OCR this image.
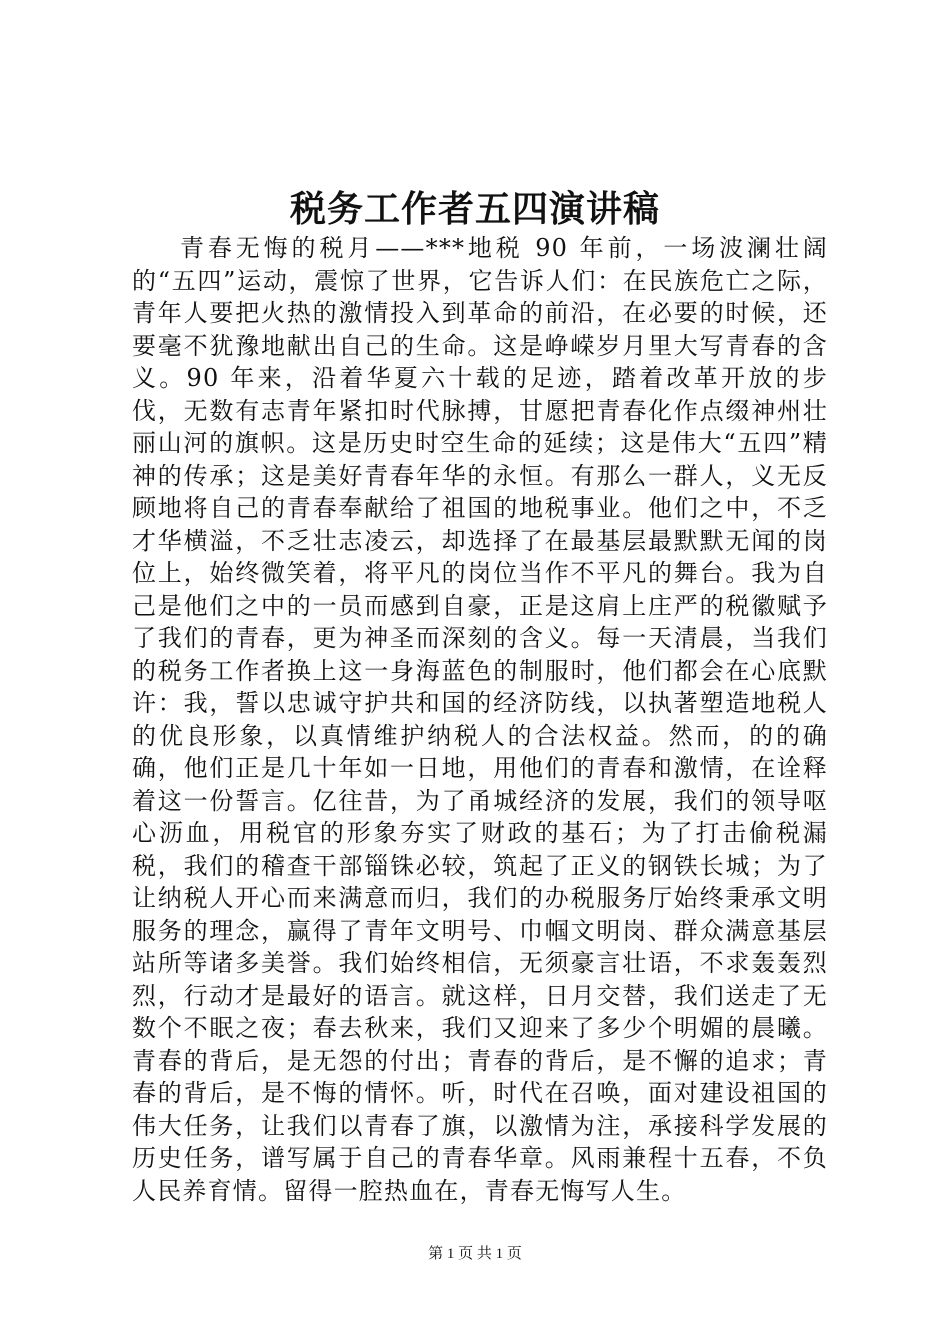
税务工作者五四演讲稿

青春无悔的税月——***地税 90 年前，一场波澜壮阔的“五四”运动，震惊了世界，它告诉人们：在民族危亡之际，青年人要把火热的激情投入到革命的前沿，在必要的时候，还要毫不犹豫地献出自己的生命。这是峥嵘岁月里大写青春的含义。90 年来，沿着华夏六十载的足迹，踏着改革开放的步伐，无数有志青年紧扣时代脉搏，甘愿把青春化作点缀神州壮丽山河的旗帜。这是历史时空生命的延续；这是伟大“五四”精神的传承；这是美好青春年华的永恒。有那么一群人，义无反顾地将自己的青春奉献给了祖国的地税事业。他们之中，不乏才华横溢，不乏壮志凌云，却选择了在最基层最默默无闻的岗位上，始终微笑着，将平凡的岗位当作不平凡的舞台。我为自己是他们之中的一员而感到自豪，正是这肩上庄严的税徽赋予了我们的青春，更为神圣而深刻的含义。每一天清晨，当我们的税务工作者换上这一身海蓝色的制服时，他们都会在心底默许：我，誓以忠诚守护共和国的经济防线，以执著塑造地税人的优良形象，以真情维护纳税人的合法权益。然而，的的确确，他们正是几十年如一日地，用他们的青春和激情，在诠释着这一份誓言。亿往昔，为了甬城经济的发展，我们的领导呕心沥血，用税官的形象夯实了财政的基石；为了打击偷税漏税，我们的稽查干部锱铢必较，筑起了正义的钢铁长城；为了让纳税人开心而来满意而归，我们的办税服务厅始终秉承文明服务的理念，赢得了青年文明号、巾帼文明岗、群众满意基层站所等诸多美誉。我们始终相信，无须豪言壮语，不求轰轰烈烈，行动才是最好的语言。就这样，日月交替，我们送走了无数个不眠之夜；春去秋来，我们又迎来了多少个明媚的晨曦。青春的背后，是无怨的付出；青春的背后，是不懈的追求；青春的背后，是不悔的情怀。听，时代在召唤，面对建设祖国的伟大任务，让我们以青春了旗，以激情为注，承接科学发展的历史任务，谱写属于自己的青春华章。风雨兼程十五春，不负人民养育情。留得一腔热血在，青春无悔写人生。

第 1 页 共 1 页
